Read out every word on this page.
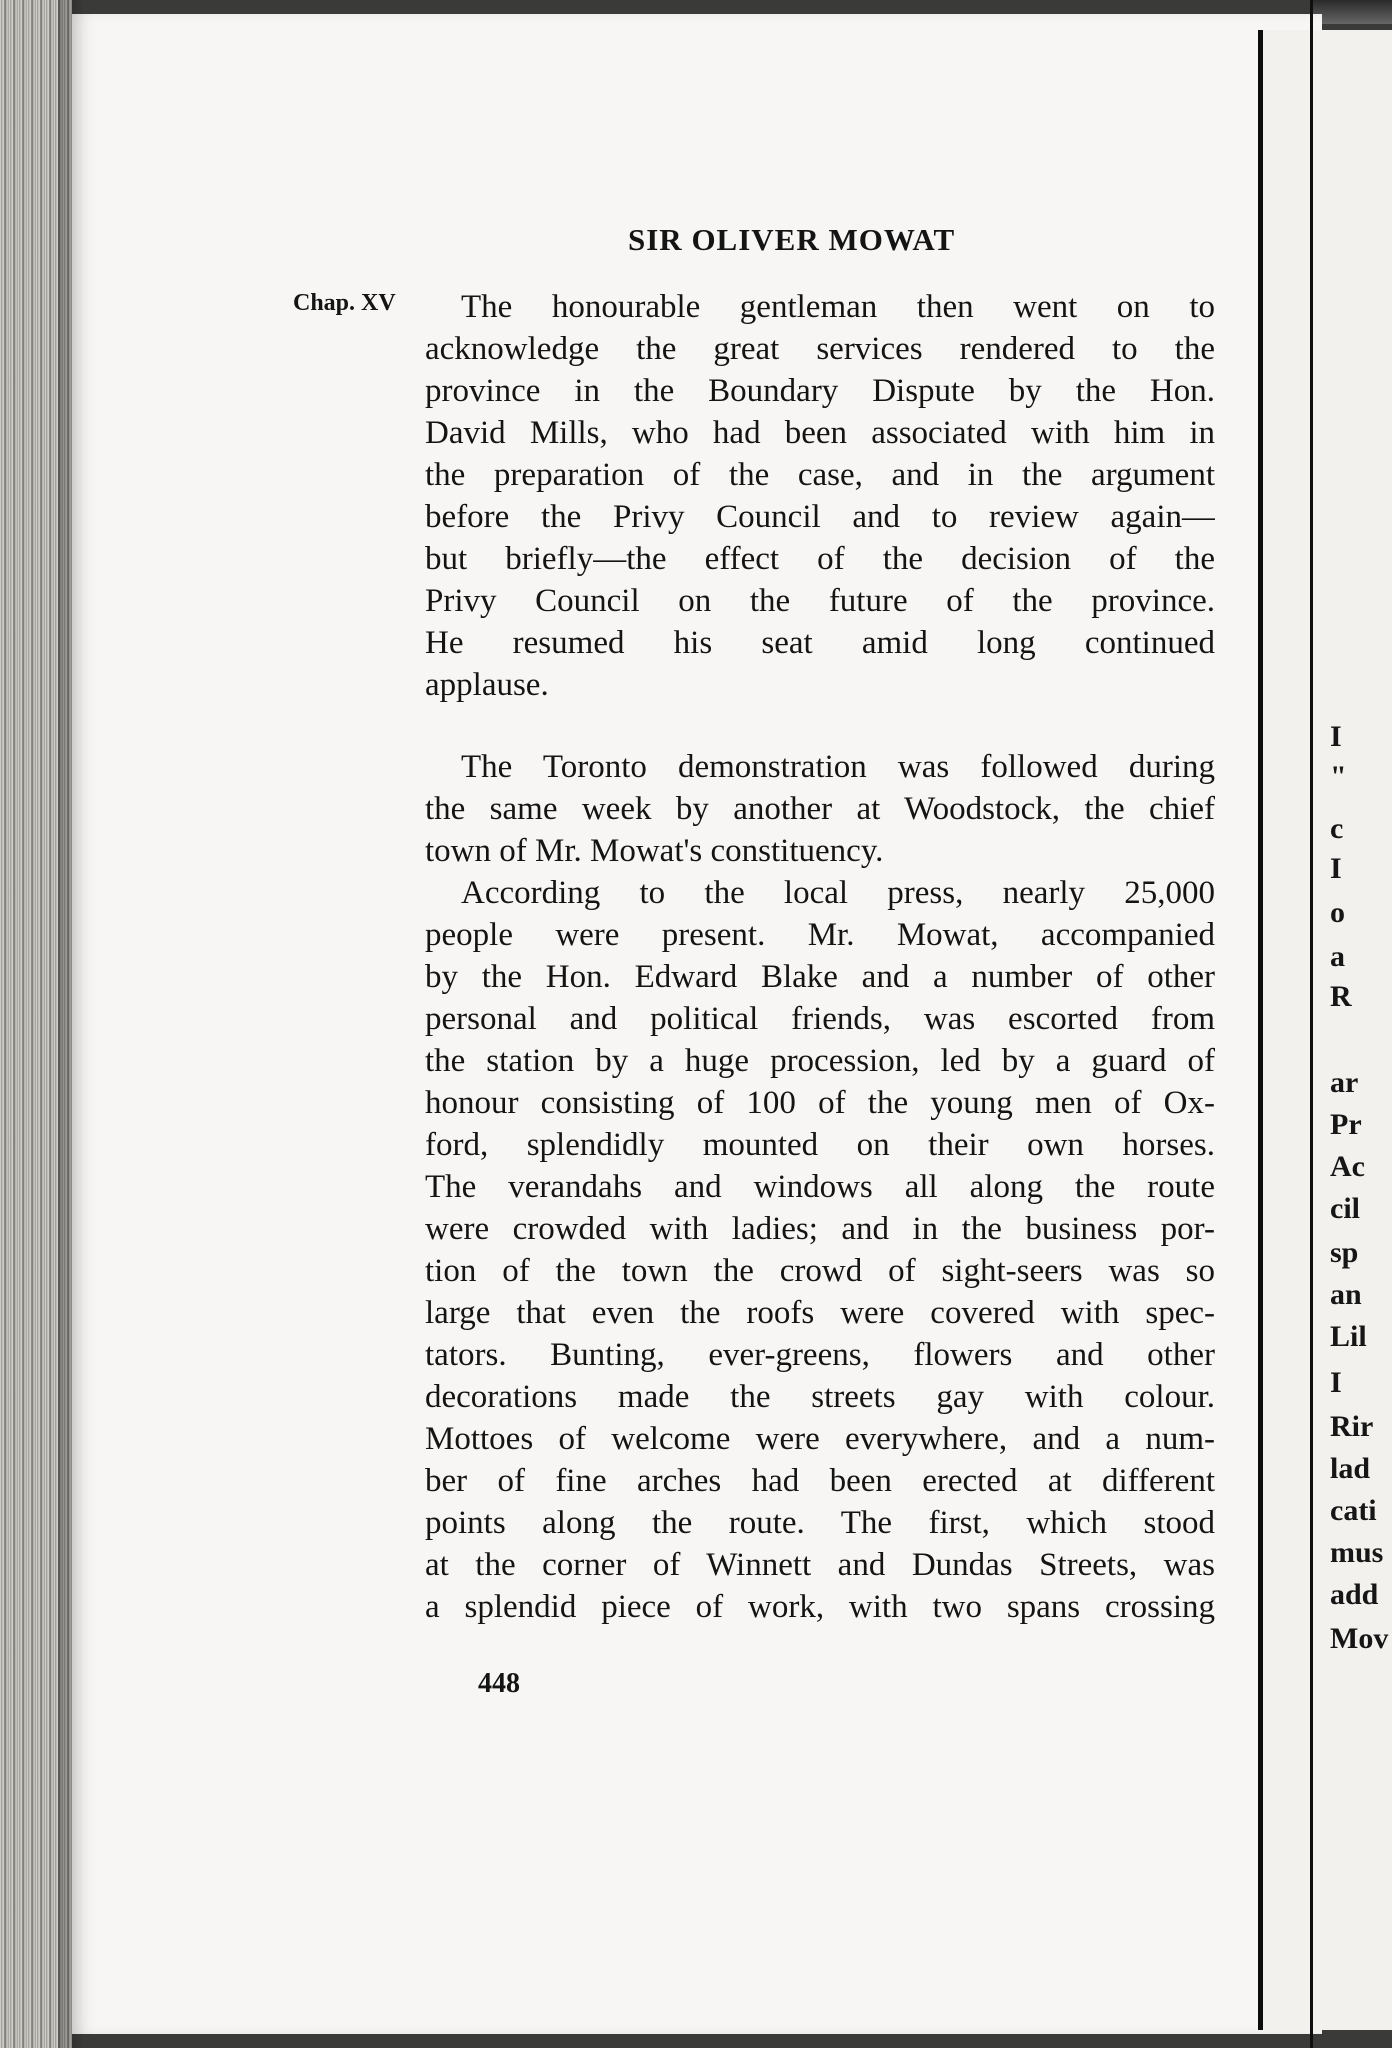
SIR OLIVER MOWAT
Chap. XV	The honourable gentleman then went on to
acknowledge the great services rendered to the
province in the Boundary Dispute by the Hon.
David Mills, who had been associated with him in
the preparation of the case, and in the argument
before the Privy Council and to review again—
but briefly—the effect of the decision of the
Privy Council on the future of the province.
He resumed his seat amid long continued
applause.
The Toronto demonstration was followed during
the same week by another at Woodstock, the chief
town of Mr. Mowat's constituency.
According to the local press, nearly 25,000
people were present. Mr. Mowat, accompanied
by the Hon. Edward Blake and a number of other
personal and political friends, was escorted from
the station by a huge procession, led by a guard of
honour consisting of 100 of the young men of Ox-
ford, splendidly mounted on their own horses.
The verandahs and windows all along the route
were crowded with ladies; and in the business por-
tion of the town the crowd of sight-seers was so
large that even the roofs were covered with spec-
tators. Bunting, ever-greens, flowers and other
decorations made the streets gay with colour.
Mottoes of welcome were everywhere, and a num-
ber of fine arches had been erected at different
points along the route. The first, which stood
at the corner of Winnett and Dundas Streets, was
a splendid piece of work, with two spans crossing
448
I
"
c
I
o
a
R
ar
Pr
Ac
cil
sp
an
Lil
I
Rir
lad
cati
mus
add
Mov
